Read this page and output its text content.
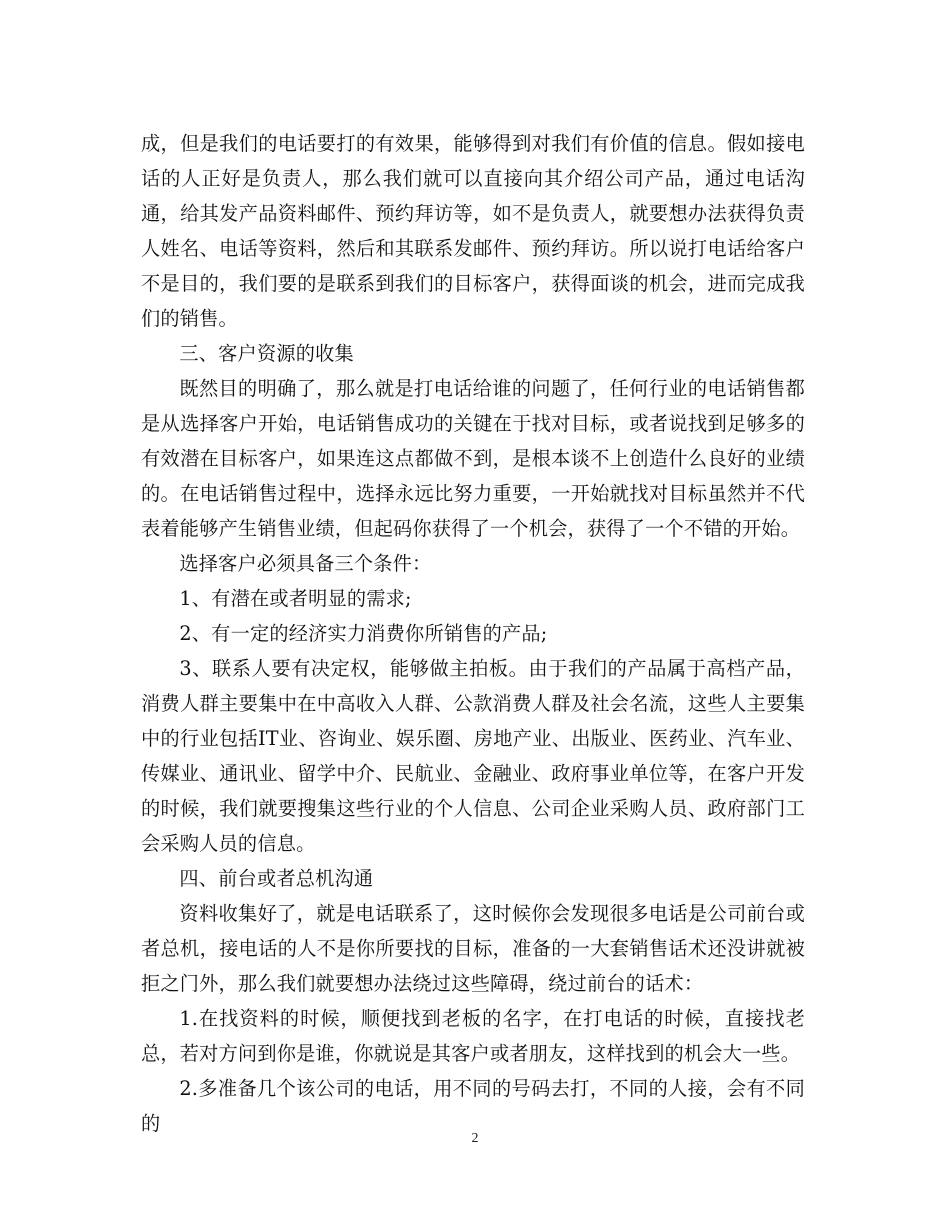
成，但是我们的电话要打的有效果，能够得到对我们有价值的信息。假如接电话的人正好是负责人，那么我们就可以直接向其介绍公司产品，通过电话沟通，给其发产品资料邮件、预约拜访等，如不是负责人，就要想办法获得负责人姓名、电话等资料，然后和其联系发邮件、预约拜访。所以说打电话给客户不是目的，我们要的是联系到我们的目标客户，获得面谈的机会，进而完成我们的销售。

三、客户资源的收集

既然目的明确了，那么就是打电话给谁的问题了，任何行业的电话销售都是从选择客户开始，电话销售成功的关键在于找对目标，或者说找到足够多的有效潜在目标客户，如果连这点都做不到，是根本谈不上创造什么良好的业绩的。在电话销售过程中，选择永远比努力重要，一开始就找对目标虽然并不代表着能够产生销售业绩，但起码你获得了一个机会，获得了一个不错的开始。

选择客户必须具备三个条件：

1、有潜在或者明显的需求;

2、有一定的经济实力消费你所销售的产品;

3、联系人要有决定权，能够做主拍板。由于我们的产品属于高档产品，消费人群主要集中在中高收入人群、公款消费人群及社会名流，这些人主要集中的行业包括IT业、咨询业、娱乐圈、房地产业、出版业、医药业、汽车业、传媒业、通讯业、留学中介、民航业、金融业、政府事业单位等，在客户开发的时候，我们就要搜集这些行业的个人信息、公司企业采购人员、政府部门工会采购人员的信息。

四、前台或者总机沟通

资料收集好了，就是电话联系了，这时候你会发现很多电话是公司前台或者总机，接电话的人不是你所要找的目标，准备的一大套销售话术还没讲就被拒之门外，那么我们就要想办法绕过这些障碍，绕过前台的话术：

1.在找资料的时候，顺便找到老板的名字，在打电话的时候，直接找老总，若对方问到你是谁，你就说是其客户或者朋友，这样找到的机会大一些。

2.多准备几个该公司的电话，用不同的号码去打，不同的人接，会有不同的

2
